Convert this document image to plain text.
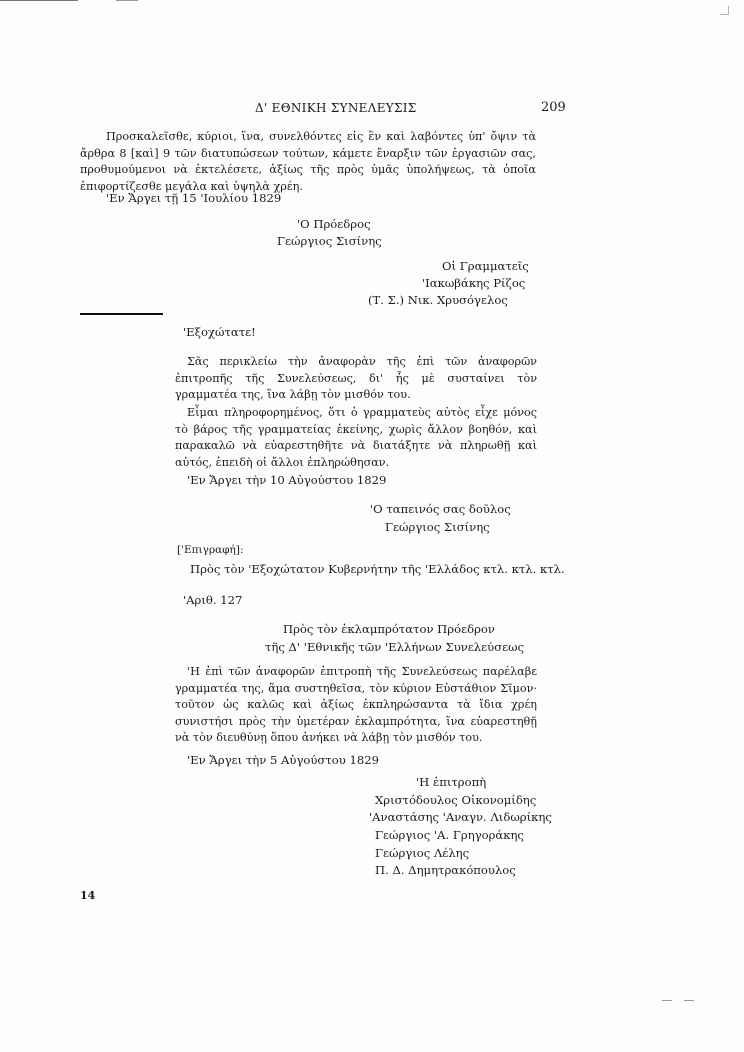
Δ' ΕΘΝΙΚΗ ΣΥΝΕΛΕΥΣΙΣ	209
Προσκαλεῖσθε, κύριοι, ἵνα, συνελθόντες εἰς ἓν καὶ λαβόντες ὑπ' ὄψιν τὰ ἄρθρα 8 [καὶ] 9 τῶν διατυπώσεων τούτων, κάμετε ἔναρξιν τῶν ἐργασιῶν σας, προθυμούμενοι νὰ ἐκτελέσετε, ἀξίως τῆς πρὸς ὑμᾶς ὑπολήψεως, τὰ ὁποῖα ἐπιφορτίζεσθε μεγάλα καὶ ὑψηλὰ χρέη.
'Εν Ἄργει τῇ 15 'Ιουλίου 1829
'Ο Πρόεδρος
Γεώργιος Σισίνης
Οἱ Γραμματεῖς
'Ιακωβάκης Ρίζος
(Τ. Σ.) Νικ. Χρυσόγελος
'Εξοχώτατε!
Σᾶς περικλείω τὴν ἀναφορὰν τῆς ἐπὶ τῶν ἀναφορῶν ἐπιτροπῆς τῆς Συνελεύσεως, δι' ἧς μὲ συσταίνει τὸν γραμματέα της, ἵνα λάβῃ τὸν μισθόν του.
Εἶμαι πληροφορημένος, ὅτι ὁ γραμματεὺς αὐτὸς εἶχε μόνος τὸ βάρος τῆς γραμματείας ἐκείνης, χωρὶς ἄλλον βοηθόν, καὶ παρακαλῶ νὰ εὐαρεστηθῆτε νὰ διατάξητε νὰ πληρωθῇ καὶ αὐτός, ἐπειδὴ οἱ ἄλλοι ἐπληρώθησαν.
'Εν Ἄργει τὴν 10 Αὐγούστου 1829
'Ο ταπεινός σας δοῦλος
Γεώργιος Σισίνης
['Επιγραφή]:
Πρὸς τὸν 'Εξοχώτατον Κυβερνήτην τῆς 'Ελλάδος κτλ. κτλ. κτλ.
'Αριθ. 127
Πρὸς τὸν ἐκλαμπρότατον Πρόεδρον
τῆς Δ' 'Εθνικῆς τῶν 'Ελλήνων Συνελεύσεως
'Η ἐπὶ τῶν ἀναφορῶν ἐπιτροπὴ τῆς Συνελεύσεως παρέλαβε γραμματέα της, ἅμα συστηθεῖσα, τὸν κύριον Εὐστάθιον Σῖμον· τοῦτον ὡς καλῶς καὶ ἀξίως ἐκπληρώσαντα τὰ ἴδια χρέη συνιστήσι πρὸς τὴν ὑμετέραν ἐκλαμπρότητα, ἵνα εὐαρεστηθῇ νὰ τὸν διευθύνῃ ὅπου ἀνήκει νὰ λάβῃ τὸν μισθόν του.
'Εν Ἄργει τὴν 5 Αὐγούστου 1829
'Η ἐπιτροπὴ
Χριστόδουλος Οἰκονομίδης
'Αναστάσης 'Αναγν. Λιδωρίκης
Γεώργιος 'Α. Γρηγοράκης
Γεώργιος Λέλης
Π. Δ. Δημητρακόπουλος
14
